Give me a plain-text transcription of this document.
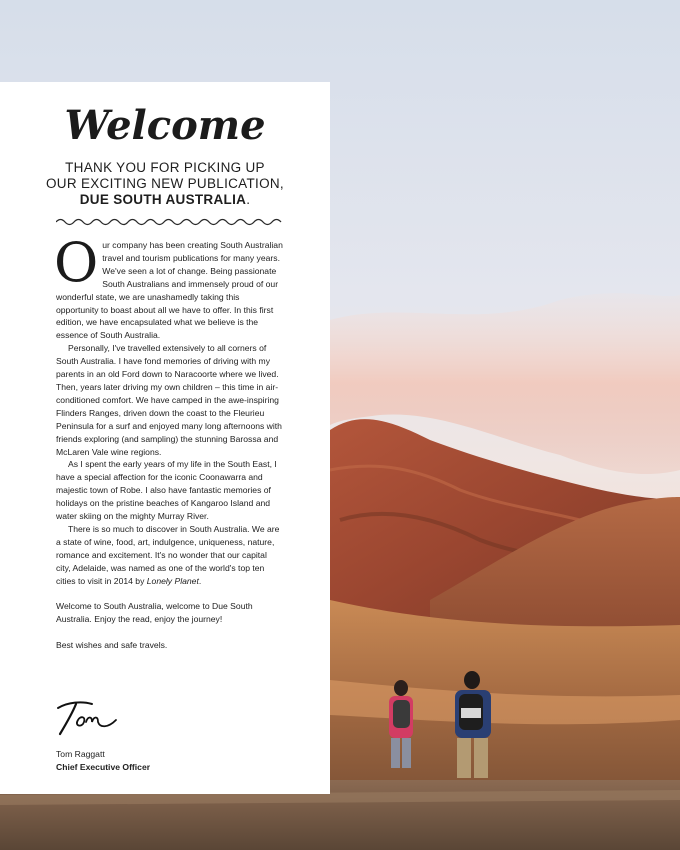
Welcome
THANK YOU FOR PICKING UP
OUR EXCITING NEW PUBLICATION,
DUE SOUTH AUSTRALIA.

Our company has been creating South Australian travel and tourism publications for many years. We've seen a lot of change. Being passionate South Australians and immensely proud of our wonderful state, we are unashamedly taking this opportunity to boast about all we have to offer. In this first edition, we have encapsulated what we believe is the essence of South Australia.

Personally, I've travelled extensively to all corners of South Australia. I have fond memories of driving with my parents in an old Ford down to Naracoorte where we lived. Then, years later driving my own children – this time in air-conditioned comfort. We have camped in the awe-inspiring Flinders Ranges, driven down the coast to the Fleurieu Peninsula for a surf and enjoyed many long afternoons with friends exploring (and sampling) the stunning Barossa and McLaren Vale wine regions.

As I spent the early years of my life in the South East, I have a special affection for the iconic Coonawarra and majestic town of Robe. I also have fantastic memories of holidays on the pristine beaches of Kangaroo Island and water skiing on the mighty Murray River.

There is so much to discover in South Australia. We are a state of wine, food, art, indulgence, uniqueness, nature, romance and excitement. It's no wonder that our capital city, Adelaide, was named as one of the world's top ten cities to visit in 2014 by Lonely Planet.

Welcome to South Australia, welcome to Due South Australia. Enjoy the read, enjoy the journey!

Best wishes and safe travels.

Tom Raggatt
Chief Executive Officer
